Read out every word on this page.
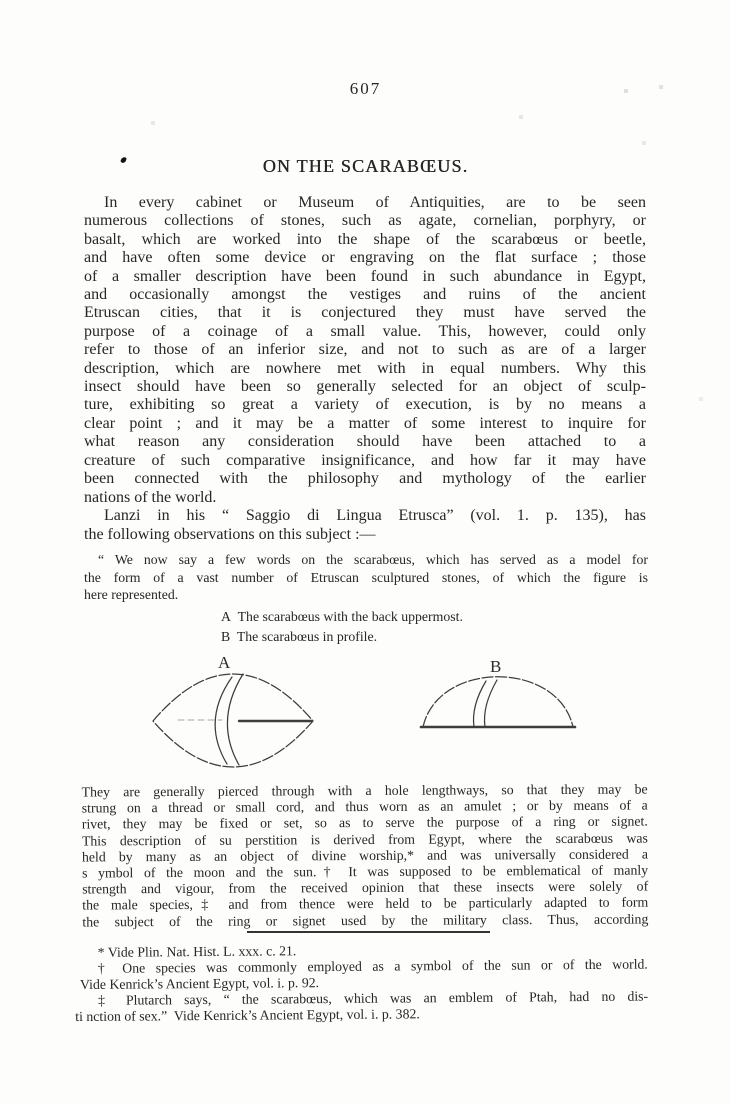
607
ON THE SCARABŒUS.
In every cabinet or Museum of Antiquities, are to be seen
numerous collections of stones, such as agate, cornelian, porphyry, or
basalt, which are worked into the shape of the scarabœus or beetle,
and have often some device or engraving on the flat surface ; those
of a smaller description have been found in such abundance in Egypt,
and occasionally amongst the vestiges and ruins of the ancient
Etruscan cities, that it is conjectured they must have served the
purpose of a coinage of a small value. This, however, could only
refer to those of an inferior size, and not to such as are of a larger
description, which are nowhere met with in equal numbers. Why this
insect should have been so generally selected for an object of sculp-
ture, exhibiting so great a variety of execution, is by no means a
clear point ; and it may be a matter of some interest to inquire for
what reason any consideration should have been attached to a
creature of such comparative insignificance, and how far it may have
been connected with the philosophy and mythology of the earlier
nations of the world.
Lanzi in his “ Saggio di Lingua Etrusca” (vol. 1. p. 135), has
the following observations on this subject :—
“ We now say a few words on the scarabœus, which has served as a model for
the form of a vast number of Etruscan sculptured stones, of which the figure is
here represented.
A  The scarabœus with the back uppermost.
B  The scarabœus in profile.
A	B
They are generally pierced through with a hole lengthways, so that they may be
strung on a thread or small cord, and thus worn as an amulet ; or by means of a
rivet, they may be fixed or set, so as to serve the purpose of a ring or signet.
This description of su perstition is derived from Egypt, where the scarabœus was
held by many as an object of divine worship,* and was universally considered a
s ymbol of the moon and the sun.† It was supposed to be emblematical of manly
strength and vigour, from the received opinion that these insects were solely of
the male species,‡ and from thence were held to be particularly adapted to form
the subject of the ring or signet used by the military class. Thus, according
* Vide Plin. Nat. Hist. L. xxx. c. 21.
† One species was commonly employed as a symbol of the sun or of the world.
Vide Kenrick’s Ancient Egypt, vol. i. p. 92.
‡ Plutarch says, “ the scarabœus, which was an emblem of Ptah, had no dis-
ti nction of sex.”  Vide Kenrick’s Ancient Egypt, vol. i. p. 382.
